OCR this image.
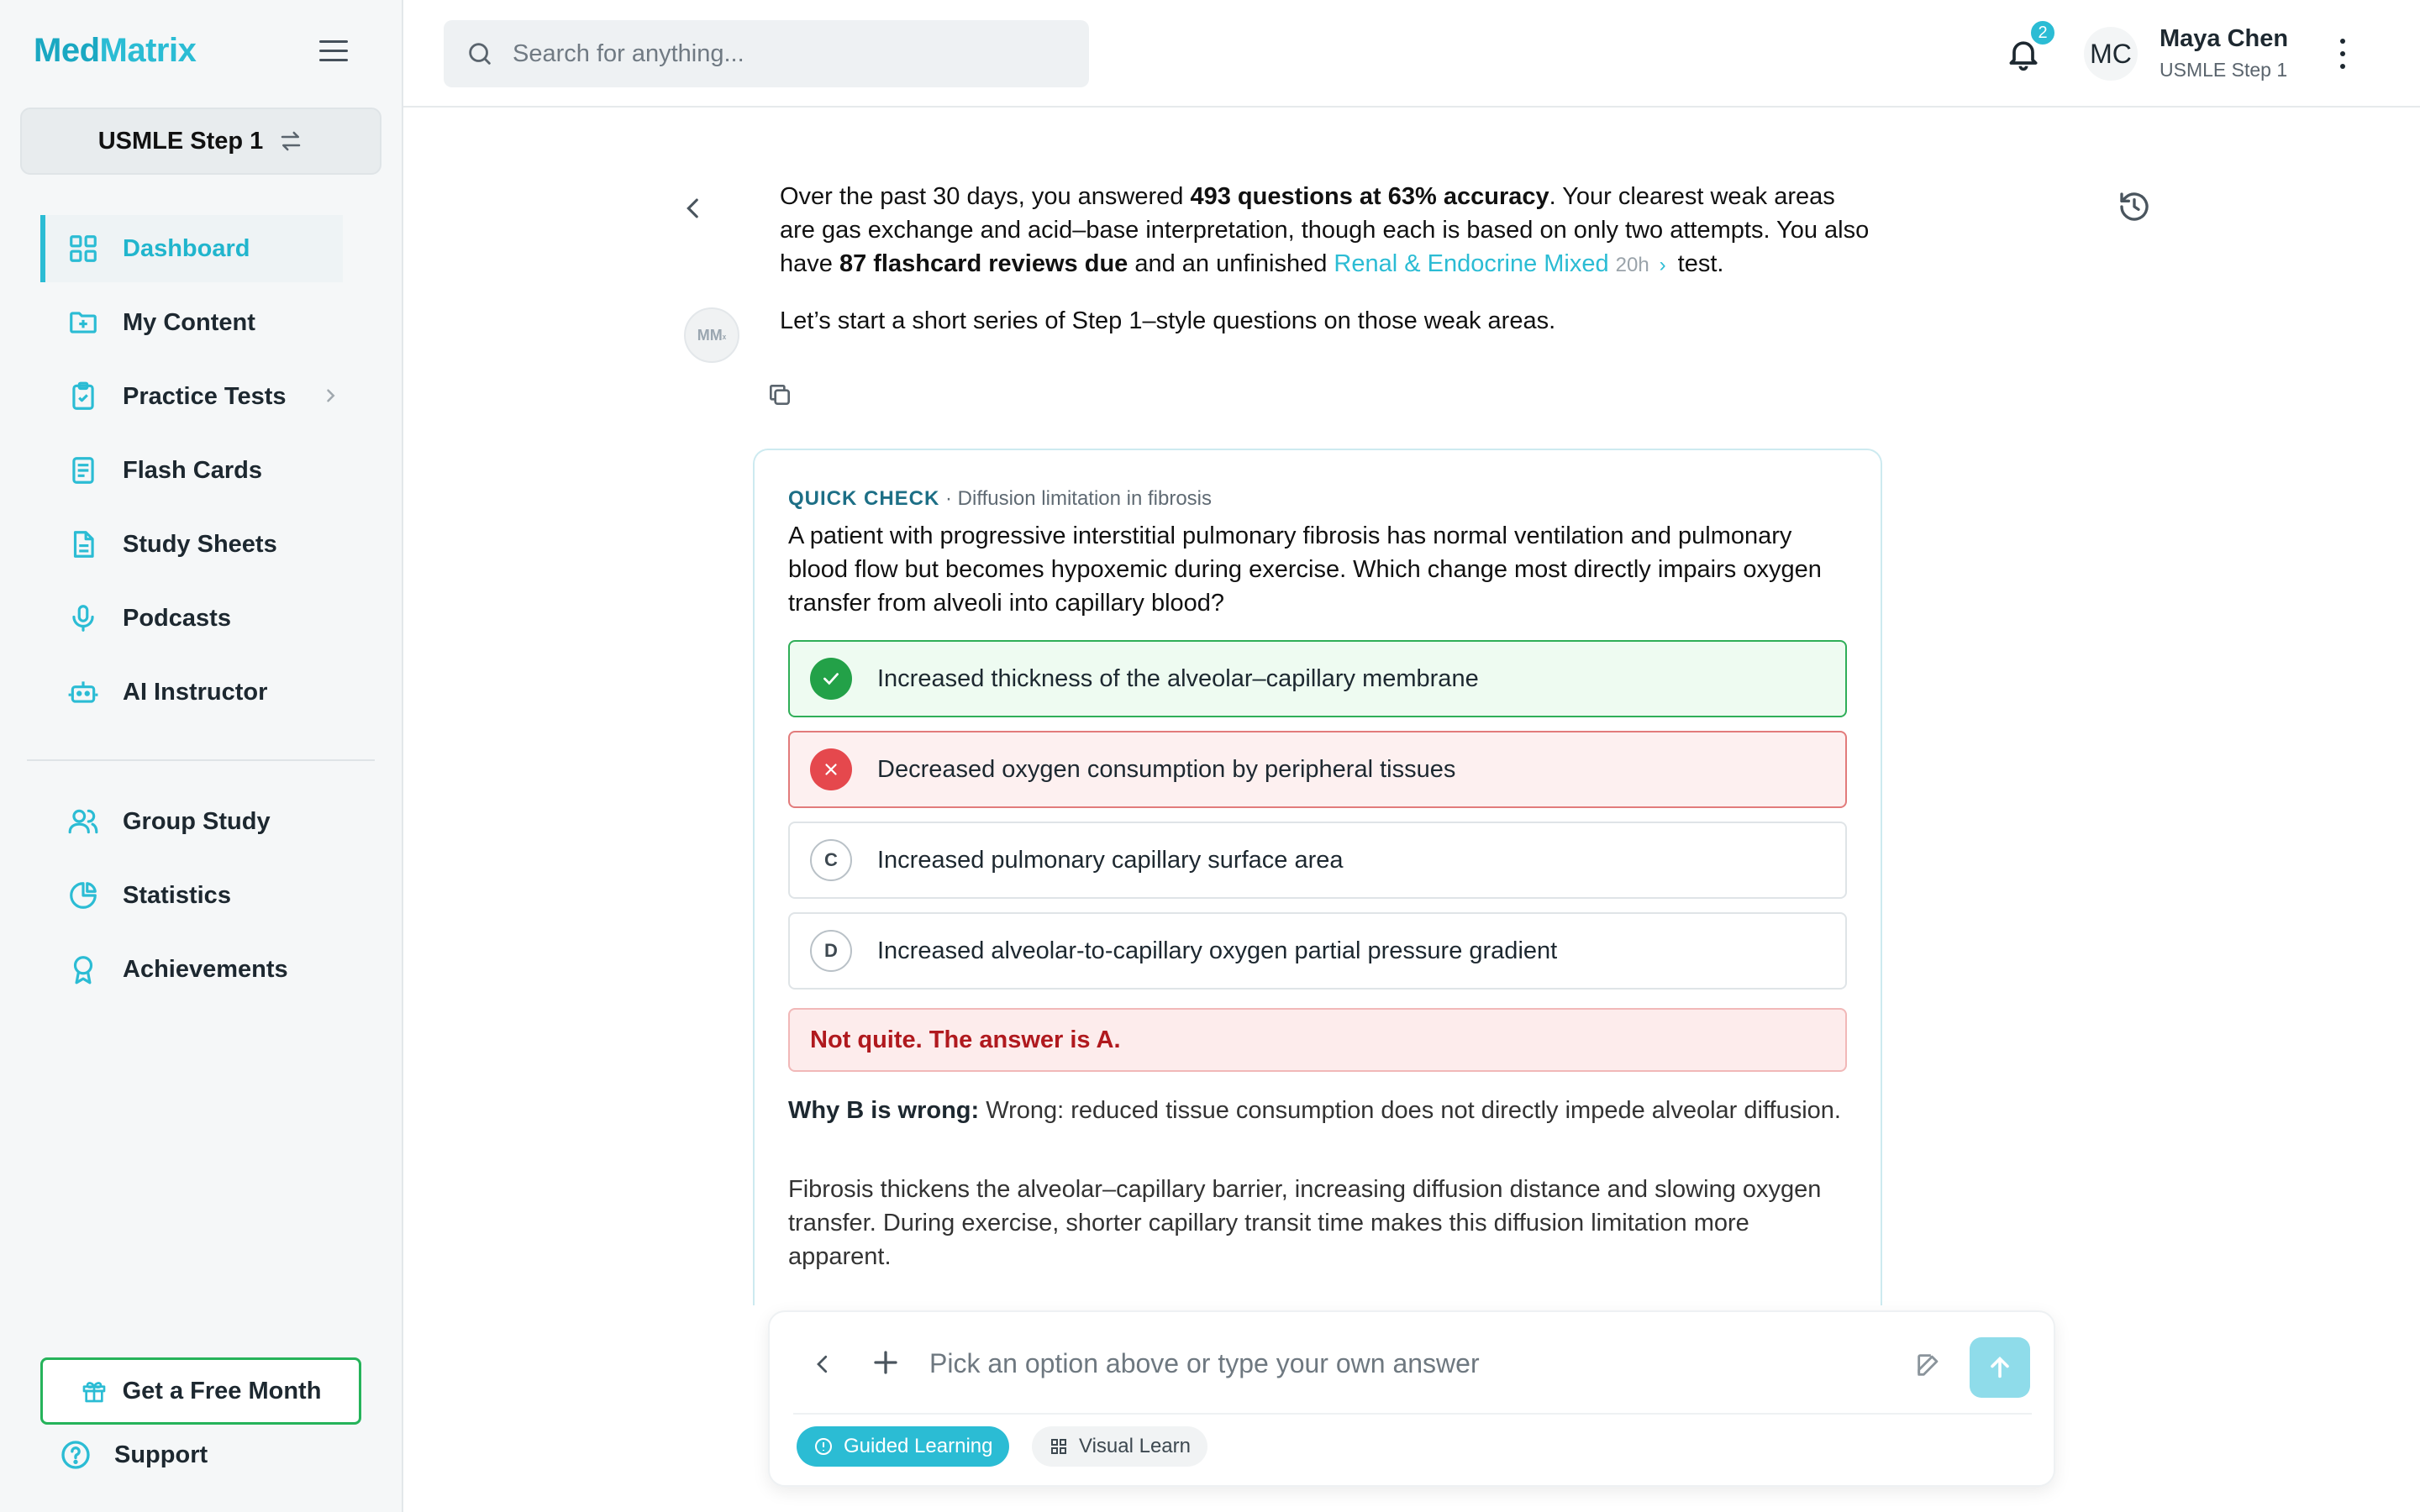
MedMatrix
USMLE Step 1
Dashboard
My Content
Practice Tests
Flash Cards
Study Sheets
Podcasts
AI Instructor
Group Study
Statistics
Achievements
Get a Free Month
Support
Search for anything...
2
MC Maya Chen
USMLE Step 1
Over the past 30 days, you answered 493 questions at 63% accuracy. Your clearest weak areas are gas exchange and acid–base interpretation, though each is based on only two attempts. You also have 87 flashcard reviews due and an unfinished Renal & Endocrine Mixed 20h › test.
MM ₓ
Let’s start a short series of Step 1–style questions on those weak areas.
QUICK CHECK · Diffusion limitation in fibrosis
A patient with progressive interstitial pulmonary fibrosis has normal ventilation and pulmonary blood flow but becomes hypoxemic during exercise. Which change most directly impairs oxygen transfer from alveoli into capillary blood?
Increased thickness of the alveolar–capillary membrane
Decreased oxygen consumption by peripheral tissues
C	Increased pulmonary capillary surface area
D	Increased alveolar-to-capillary oxygen partial pressure gradient
Not quite. The answer is A.
Why B is wrong: Wrong: reduced tissue consumption does not directly impede alveolar diffusion.
Fibrosis thickens the alveolar–capillary barrier, increasing diffusion distance and slowing oxygen transfer. During exercise, shorter capillary transit time makes this diffusion limitation more apparent.
Pick an option above or type your own answer
Guided Learning	Visual Learn
